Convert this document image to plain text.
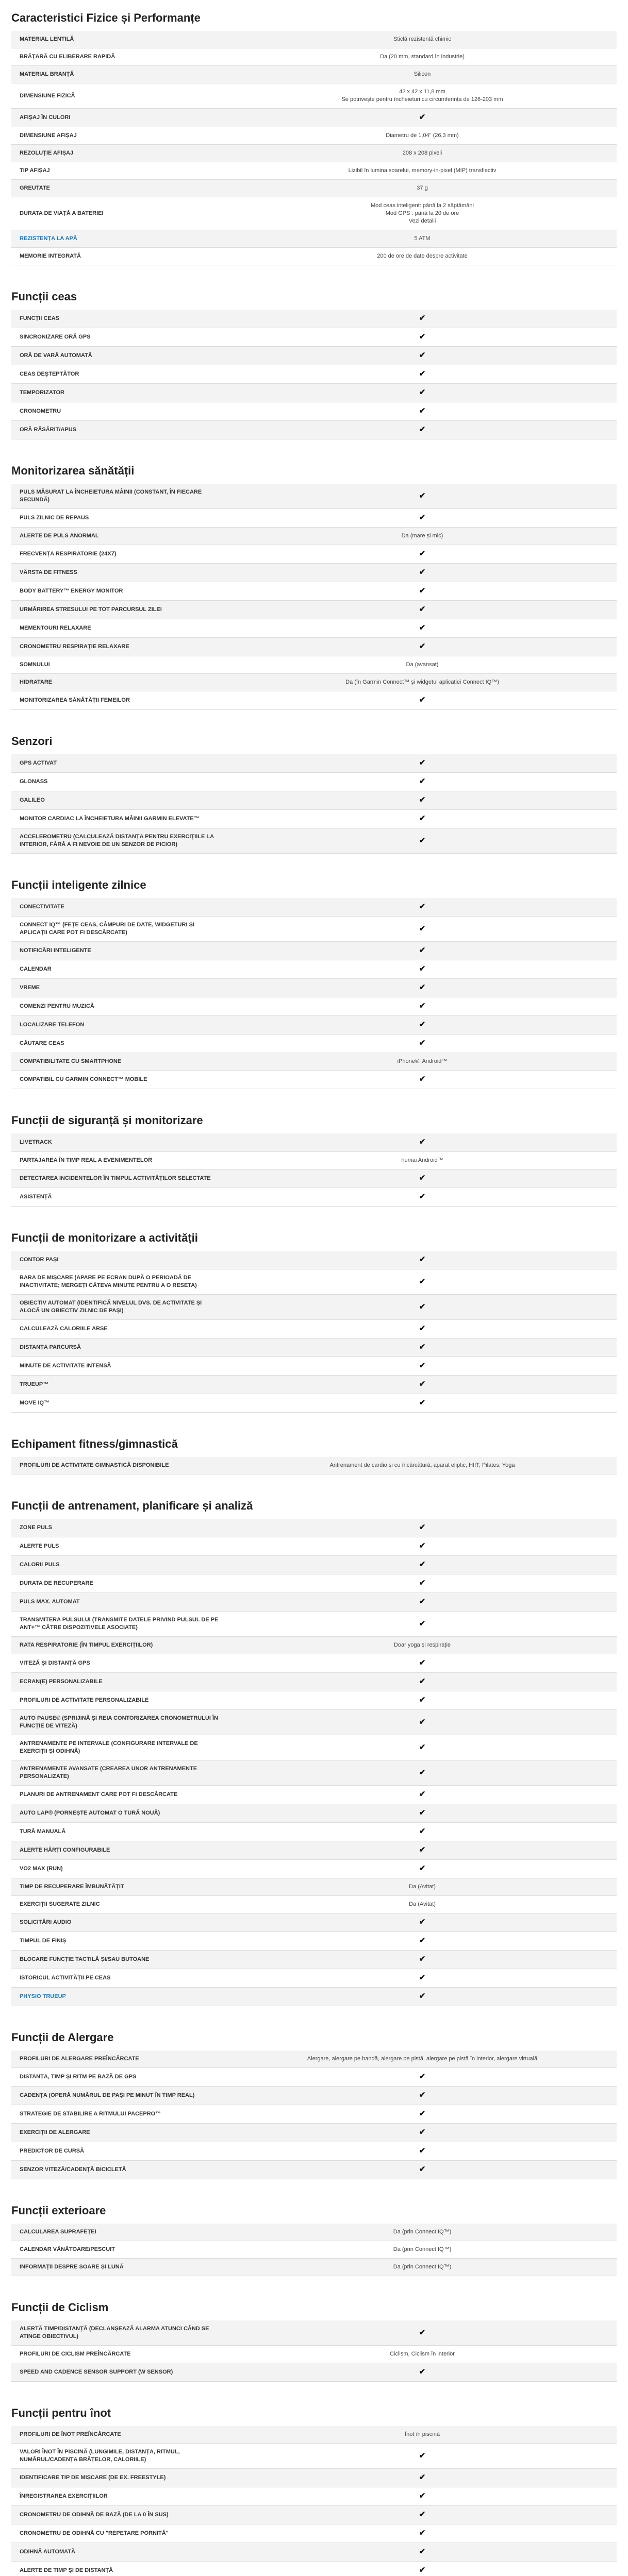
Caracteristici Fizice și Performanțe
MATERIAL LENTILĂ	Sticlă rezistentă chimic
BRĂȚARĂ CU ELIBERARE RAPIDĂ	Da (20 mm, standard în industrie)
MATERIAL BRANȚĂ	Silicon
DIMENSIUNE FIZICĂ	42 x 42 x 11,8 mm
Se potrivește pentru încheieturi cu circumferința de 126-203 mm
AFIȘAJ ÎN CULORI	✔
DIMENSIUNE AFIȘAJ	Diametru de 1,04" (26,3 mm)
REZOLUȚIE AFIȘAJ	208 x 208 pixeli
TIP AFIȘAJ	Lizibil în lumina soarelui, memory-in-pixel (MIP) transflectiv
GREUTATE	37 g
DURATA DE VIAȚĂ A BATERIEI	Mod ceas inteligent: până la 2 săptămâni
Mod GPS : până la 20 de ore
Vezi detalii
REZISTENȚA LA APĂ	5 ATM
MEMORIE INTEGRATĂ	200 de ore de date despre activitate
Funcții ceas
FUNCȚII CEAS	✔
SINCRONIZARE ORĂ GPS	✔
ORĂ DE VARĂ AUTOMATĂ	✔
CEAS DEȘTEPTĂTOR	✔
TEMPORIZATOR	✔
CRONOMETRU	✔
ORĂ RĂSĂRIT/APUS	✔
Monitorizarea sănătății
PULS MĂSURAT LA ÎNCHEIETURA MÂINII (CONSTANT, ÎN FIECARE SECUNDĂ)	✔
PULS ZILNIC DE REPAUS	✔
ALERTE DE PULS ANORMAL	Da (mare și mic)
FRECVENȚA RESPIRATORIE (24X7)	✔
VÂRSTA DE FITNESS	✔
BODY BATTERY™ ENERGY MONITOR	✔
URMĂRIREA STRESULUI PE TOT PARCURSUL ZILEI	✔
MEMENTOURI RELAXARE	✔
CRONOMETRU RESPIRAȚIE RELAXARE	✔
SOMNULUI	Da (avansat)
HIDRATARE	Da (în Garmin Connect™ și widgetul aplicației Connect IQ™)
MONITORIZAREA SĂNĂTĂȚII FEMEILOR	✔
Senzori
GPS ACTIVAT	✔
GLONASS	✔
GALILEO	✔
MONITOR CARDIAC LA ÎNCHEIETURA MÂINII GARMIN ELEVATE™	✔
ACCELEROMETRU (CALCULEAZĂ DISTANȚA PENTRU EXERCIȚIILE LA INTERIOR, FĂRĂ A FI NEVOIE DE UN SENZOR DE PICIOR)	✔
Funcții inteligente zilnice
CONECTIVITATE	✔
CONNECT IQ™ (FEȚE CEAS, CÂMPURI DE DATE, WIDGETURI ȘI APLICAȚII CARE POT FI DESCĂRCATE)	✔
NOTIFICĂRI INTELIGENTE	✔
CALENDAR	✔
VREME	✔
COMENZI PENTRU MUZICĂ	✔
LOCALIZARE TELEFON	✔
CĂUTARE CEAS	✔
COMPATIBILITATE CU SMARTPHONE	iPhone®, Android™
COMPATIBIL CU GARMIN CONNECT™ MOBILE	✔
Funcții de siguranță și monitorizare
LIVETRACK	✔
PARTAJAREA ÎN TIMP REAL A EVENIMENTELOR	numai Android™
DETECTAREA INCIDENTELOR ÎN TIMPUL ACTIVITĂȚILOR SELECTATE	✔
ASISTENȚĂ	✔
Funcții de monitorizare a activității
CONTOR PAȘI	✔
BARA DE MIȘCARE (APARE PE ECRAN DUPĂ O PERIOADĂ DE INACTIVITATE; MERGEȚI CÂTEVA MINUTE PENTRU A O RESETA)	✔
OBIECTIV AUTOMAT (IDENTIFICĂ NIVELUL DVS. DE ACTIVITATE ȘI ALOCĂ UN OBIECTIV ZILNIC DE PAȘI)	✔
CALCULEAZĂ CALORIILE ARSE	✔
DISTANȚA PARCURSĂ	✔
MINUTE DE ACTIVITATE INTENSĂ	✔
TRUEUP™	✔
MOVE IQ™	✔
Echipament fitness/gimnastică
PROFILURI DE ACTIVITATE GIMNASTICĂ DISPONIBILE	Antrenament de cardio și cu încărcătură, aparat eliptic, HIIT, Pilates, Yoga
Funcții de antrenament, planificare și analiză
ZONE PULS	✔
ALERTE PULS	✔
CALORII PULS	✔
DURATA DE RECUPERARE	✔
PULS MAX. AUTOMAT	✔
TRANSMITERA PULSULUI (TRANSMITE DATELE PRIVIND PULSUL DE PE ANT+™ CĂTRE DISPOZITIVELE ASOCIATE)	✔
RATA RESPIRATORIE (ÎN TIMPUL EXERCIȚIILOR)	Doar yoga și respirație
VITEZĂ ȘI DISTANȚĂ GPS	✔
ECRAN(E) PERSONALIZABILE	✔
PROFILURI DE ACTIVITATE PERSONALIZABILE	✔
AUTO PAUSE® (SPRIJINĂ ȘI REIA CONTORIZAREA CRONOMETRULUI ÎN FUNCȚIE DE VITEZĂ)	✔
ANTRENAMENTE PE INTERVALE (CONFIGURARE INTERVALE DE EXERCIȚII ȘI ODIHNĂ)	✔
ANTRENAMENTE AVANSATE (CREAREA UNOR ANTRENAMENTE PERSONALIZATE)	✔
PLANURI DE ANTRENAMENT CARE POT FI DESCĂRCATE	✔
AUTO LAP® (PORNEȘTE AUTOMAT O TURĂ NOUĂ)	✔
TURĂ MANUALĂ	✔
ALERTE HĂRȚI CONFIGURABILE	✔
VO2 MAX (RUN)	✔
TIMP DE RECUPERARE ÎMBUNĂTĂȚIT	Da (Avitat)
EXERCIȚII SUGERATE ZILNIC	Da (Avitat)
SOLICITĂRI AUDIO	✔
TIMPUL DE FINIȘ	✔
BLOCARE FUNCȚIE TACTILĂ ȘI/SAU BUTOANE	✔
ISTORICUL ACTIVITĂȚII PE CEAS	✔
PHYSIO TRUEUP	✔
Funcții de Alergare
PROFILURI DE ALERGARE PREÎNCĂRCATE	Alergare, alergare pe bandă, alergare pe pistă, alergare pe pistă în interior, alergare virtuală
DISTANȚA, TIMP ȘI RITM PE BAZĂ DE GPS	✔
CADENȚA (OPERĂ NUMĂRUL DE PAȘI PE MINUT ÎN TIMP REAL)	✔
STRATEGIE DE STABILIRE A RITMULUI PACEPRO™	✔
EXERCIȚII DE ALERGARE	✔
PREDICTOR DE CURSĂ	✔
SENZOR VITEZĂ/CADENȚĂ BICICLETĂ	✔
Funcții exterioare
CALCULAREA SUPRAFEȚEI	Da (prin Connect IQ™)
CALENDAR VÂNĂTOARE/PESCUIT	Da (prin Connect IQ™)
INFORMAȚII DESPRE SOARE ȘI LUNĂ	Da (prin Connect IQ™)
Funcții de Ciclism
ALERTĂ TIMP/DISTANȚĂ (DECLANȘEAZĂ ALARMA ATUNCI CÂND SE ATINGE OBIECTIVUL)	✔
PROFILURI DE CICLISM PREÎNCĂRCATE	Ciclism, Ciclism în interior
SPEED AND CADENCE SENSOR SUPPORT (W SENSOR)	✔
Funcții pentru înot
PROFILURI DE ÎNOT PREÎNCĂRCATE	Înot în piscină
VALORI ÎNOT ÎN PISCINĂ (LUNGIMILE, DISTANȚA, RITMUL, NUMĂRUL/CADENȚA BRĂȚELOR, CALORIILE)	✔
IDENTIFICARE TIP DE MIȘCARE (DE EX. FREESTYLE)	✔
ÎNREGISTRAREA EXERCIȚIILOR	✔
CRONOMETRU DE ODIHNĂ DE BAZĂ (DE LA 0 ÎN SUS)	✔
CRONOMETRU DE ODIHNĂ CU "REPETARE PORNITĂ"	✔
ODIHNĂ AUTOMATĂ	✔
ALERTE DE TIMP ȘI DE DISTANȚĂ	✔
